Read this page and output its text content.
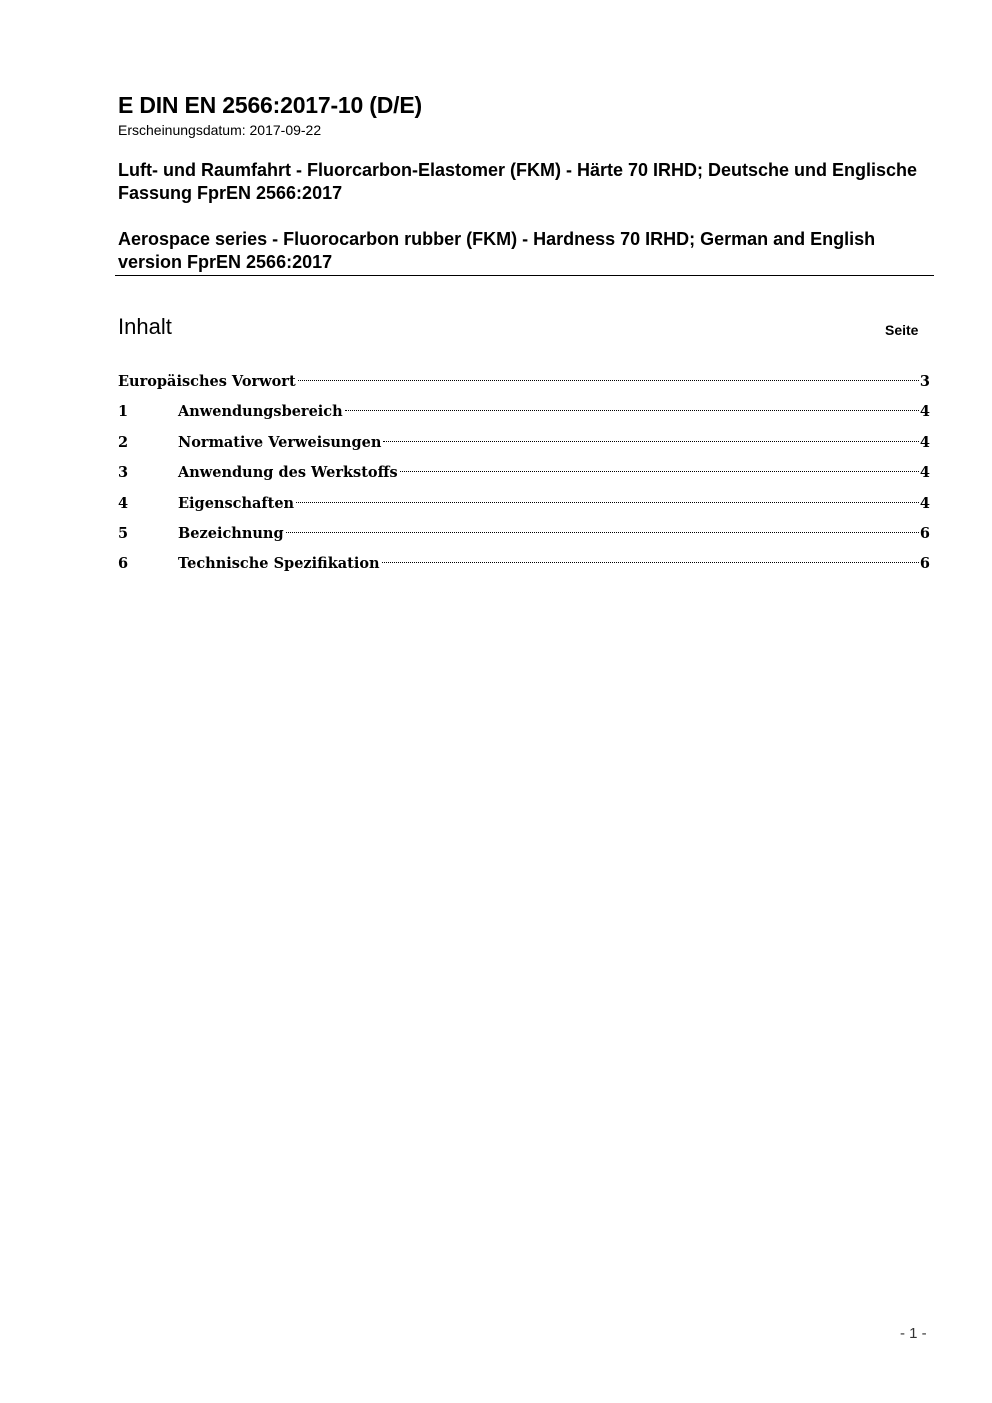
E DIN EN 2566:2017-10 (D/E)
Erscheinungsdatum: 2017-09-22
Luft- und Raumfahrt - Fluorcarbon-Elastomer (FKM) - Härte 70 IRHD; Deutsche und Englische Fassung FprEN 2566:2017
Aerospace series - Fluorocarbon rubber (FKM) - Hardness 70 IRHD; German and English version FprEN 2566:2017
Inhalt	Seite
Europäisches Vorwort	3
1	Anwendungsbereich	4
2	Normative Verweisungen	4
3	Anwendung des Werkstoffs	4
4	Eigenschaften	4
5	Bezeichnung	6
6	Technische Spezifikation	6
- 1 -
